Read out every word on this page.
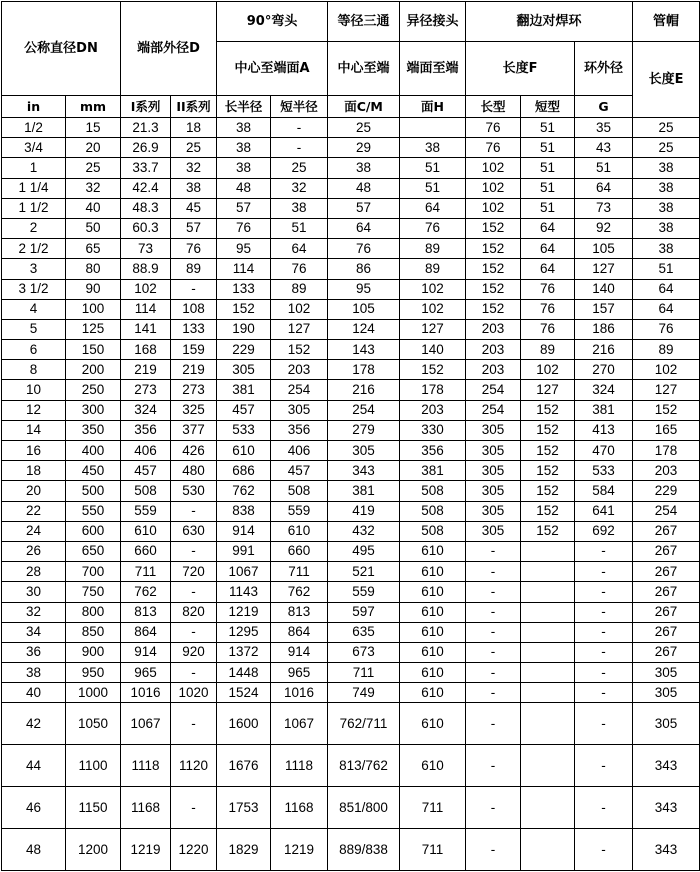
公称直径DN		端部外径D		90°弯头		等径三通	异径接头	翻边对焊环			管帽
				中心至端面A		中心至端	端面至端	长度F		环外径	长度E
in	mm	I系列	II系列	长半径	短半径	面C/M	面H	长型	短型	G	
1/2	15	21.3	18	38	-	25		76	51	35	25
3/4	20	26.9	25	38	-	29	38	76	51	43	25
1	25	33.7	32	38	25	38	51	102	51	51	38
1 1/4	32	42.4	38	48	32	48	51	102	51	64	38
1 1/2	40	48.3	45	57	38	57	64	102	51	73	38
2	50	60.3	57	76	51	64	76	152	64	92	38
2 1/2	65	73	76	95	64	76	89	152	64	105	38
3	80	88.9	89	114	76	86	89	152	64	127	51
3 1/2	90	102	-	133	89	95	102	152	76	140	64
4	100	114	108	152	102	105	102	152	76	157	64
5	125	141	133	190	127	124	127	203	76	186	76
6	150	168	159	229	152	143	140	203	89	216	89
8	200	219	219	305	203	178	152	203	102	270	102
10	250	273	273	381	254	216	178	254	127	324	127
12	300	324	325	457	305	254	203	254	152	381	152
14	350	356	377	533	356	279	330	305	152	413	165
16	400	406	426	610	406	305	356	305	152	470	178
18	450	457	480	686	457	343	381	305	152	533	203
20	500	508	530	762	508	381	508	305	152	584	229
22	550	559	-	838	559	419	508	305	152	641	254
24	600	610	630	914	610	432	508	305	152	692	267
26	650	660	-	991	660	495	610	-		-	267
28	700	711	720	1067	711	521	610	-		-	267
30	750	762	-	1143	762	559	610	-		-	267
32	800	813	820	1219	813	597	610	-		-	267
34	850	864	-	1295	864	635	610	-		-	267
36	900	914	920	1372	914	673	610	-		-	267
38	950	965	-	1448	965	711	610	-		-	305
40	1000	1016	1020	1524	1016	749	610	-		-	305
42	1050	1067	-	1600	1067	762/711	610	-		-	305
44	1100	1118	1120	1676	1118	813/762	610	-		-	343
46	1150	1168	-	1753	1168	851/800	711	-		-	343
48	1200	1219	1220	1829	1219	889/838	711	-		-	343
